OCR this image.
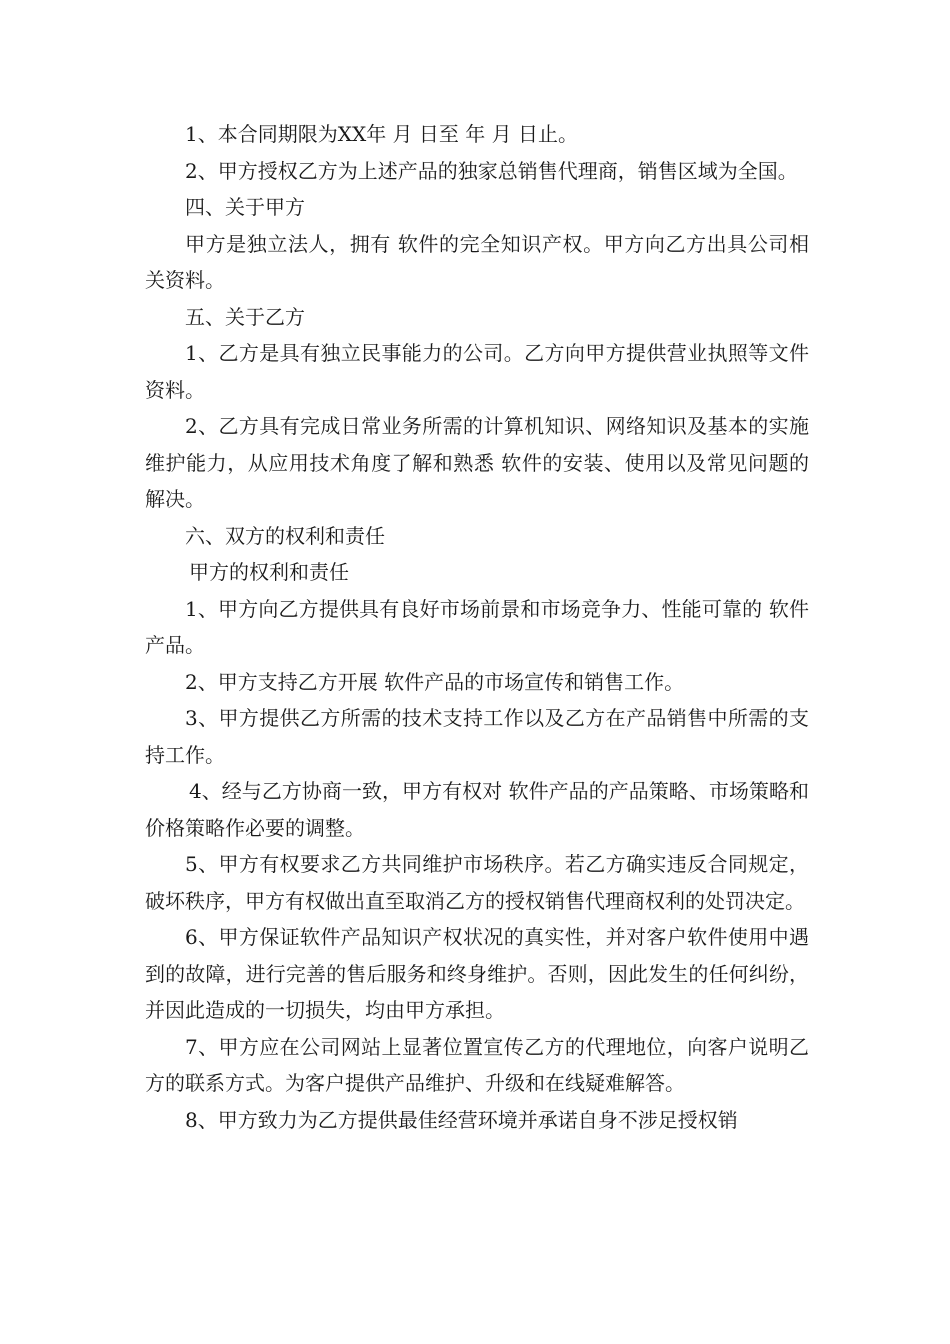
1、本合同期限为XX年 月 日至 年 月 日止。

2、甲方授权乙方为上述产品的独家总销售代理商，销售区域为全国。

四、关于甲方

甲方是独立法人，拥有 软件的完全知识产权。甲方向乙方出具公司相关资料。

五、关于乙方

1、乙方是具有独立民事能力的公司。乙方向甲方提供营业执照等文件资料。

2、乙方具有完成日常业务所需的计算机知识、网络知识及基本的实施维护能力，从应用技术角度了解和熟悉 软件的安装、使用以及常见问题的解决。

六、双方的权利和责任

甲方的权利和责任

1、甲方向乙方提供具有良好市场前景和市场竞争力、性能可靠的 软件产品。

2、甲方支持乙方开展 软件产品的市场宣传和销售工作。

3、甲方提供乙方所需的技术支持工作以及乙方在产品销售中所需的支持工作。

4、经与乙方协商一致，甲方有权对 软件产品的产品策略、市场策略和价格策略作必要的调整。

5、甲方有权要求乙方共同维护市场秩序。若乙方确实违反合同规定，破坏秩序，甲方有权做出直至取消乙方的授权销售代理商权利的处罚决定。

6、甲方保证软件产品知识产权状况的真实性，并对客户软件使用中遇到的故障，进行完善的售后服务和终身维护。否则，因此发生的任何纠纷，并因此造成的一切损失，均由甲方承担。

7、甲方应在公司网站上显著位置宣传乙方的代理地位，向客户说明乙方的联系方式。为客户提供产品维护、升级和在线疑难解答。

8、甲方致力为乙方提供最佳经营环境并承诺自身不涉足授权销
